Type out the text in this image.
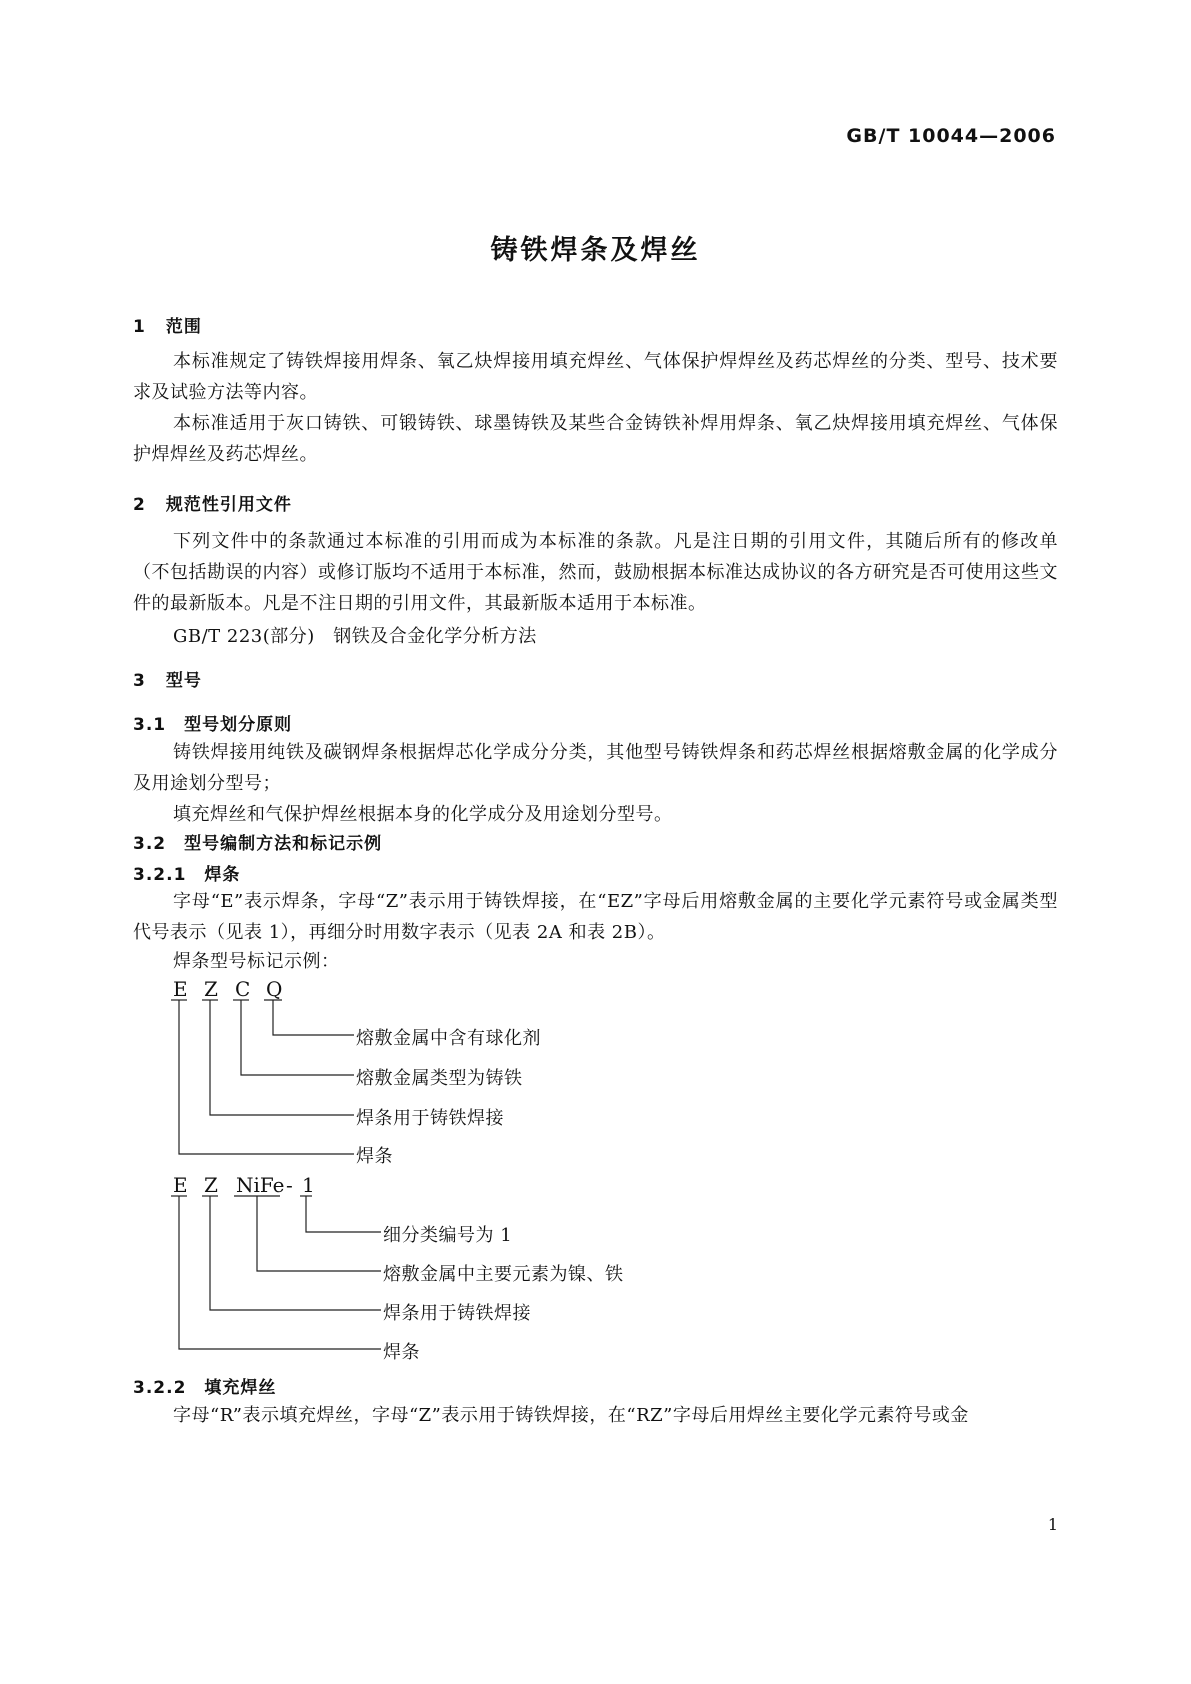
GB/T 10044—2006
铸铁焊条及焊丝
1 范围
本标准规定了铸铁焊接用焊条、氧乙炔焊接用填充焊丝、气体保护焊焊丝及药芯焊丝的分类、型号、技术要求及试验方法等内容。
本标准适用于灰口铸铁、可锻铸铁、球墨铸铁及某些合金铸铁补焊用焊条、氧乙炔焊接用填充焊丝、气体保护焊焊丝及药芯焊丝。
2 规范性引用文件
下列文件中的条款通过本标准的引用而成为本标准的条款。凡是注日期的引用文件，其随后所有的修改单（不包括勘误的内容）或修订版均不适用于本标准，然而，鼓励根据本标准达成协议的各方研究是否可使用这些文件的最新版本。凡是不注日期的引用文件，其最新版本适用于本标准。
GB/T 223(部分)　钢铁及合金化学分析方法
3 型号
3.1 型号划分原则
铸铁焊接用纯铁及碳钢焊条根据焊芯化学成分分类，其他型号铸铁焊条和药芯焊丝根据熔敷金属的化学成分及用途划分型号；
填充焊丝和气保护焊丝根据本身的化学成分及用途划分型号。
3.2 型号编制方法和标记示例
3.2.1 焊条
字母“E”表示焊条，字母“Z”表示用于铸铁焊接，在“EZ”字母后用熔敷金属的主要化学元素符号或金属类型代号表示（见表 1），再细分时用数字表示（见表 2A 和表 2B）。
焊条型号标记示例：
E Z C Q
熔敷金属中含有球化剂
熔敷金属类型为铸铁
焊条用于铸铁焊接
焊条
E Z NiFe - 1
细分类编号为 1
熔敷金属中主要元素为镍、铁
焊条用于铸铁焊接
焊条
3.2.2 填充焊丝
字母“R”表示填充焊丝，字母“Z”表示用于铸铁焊接，在“RZ”字母后用焊丝主要化学元素符号或金
1
